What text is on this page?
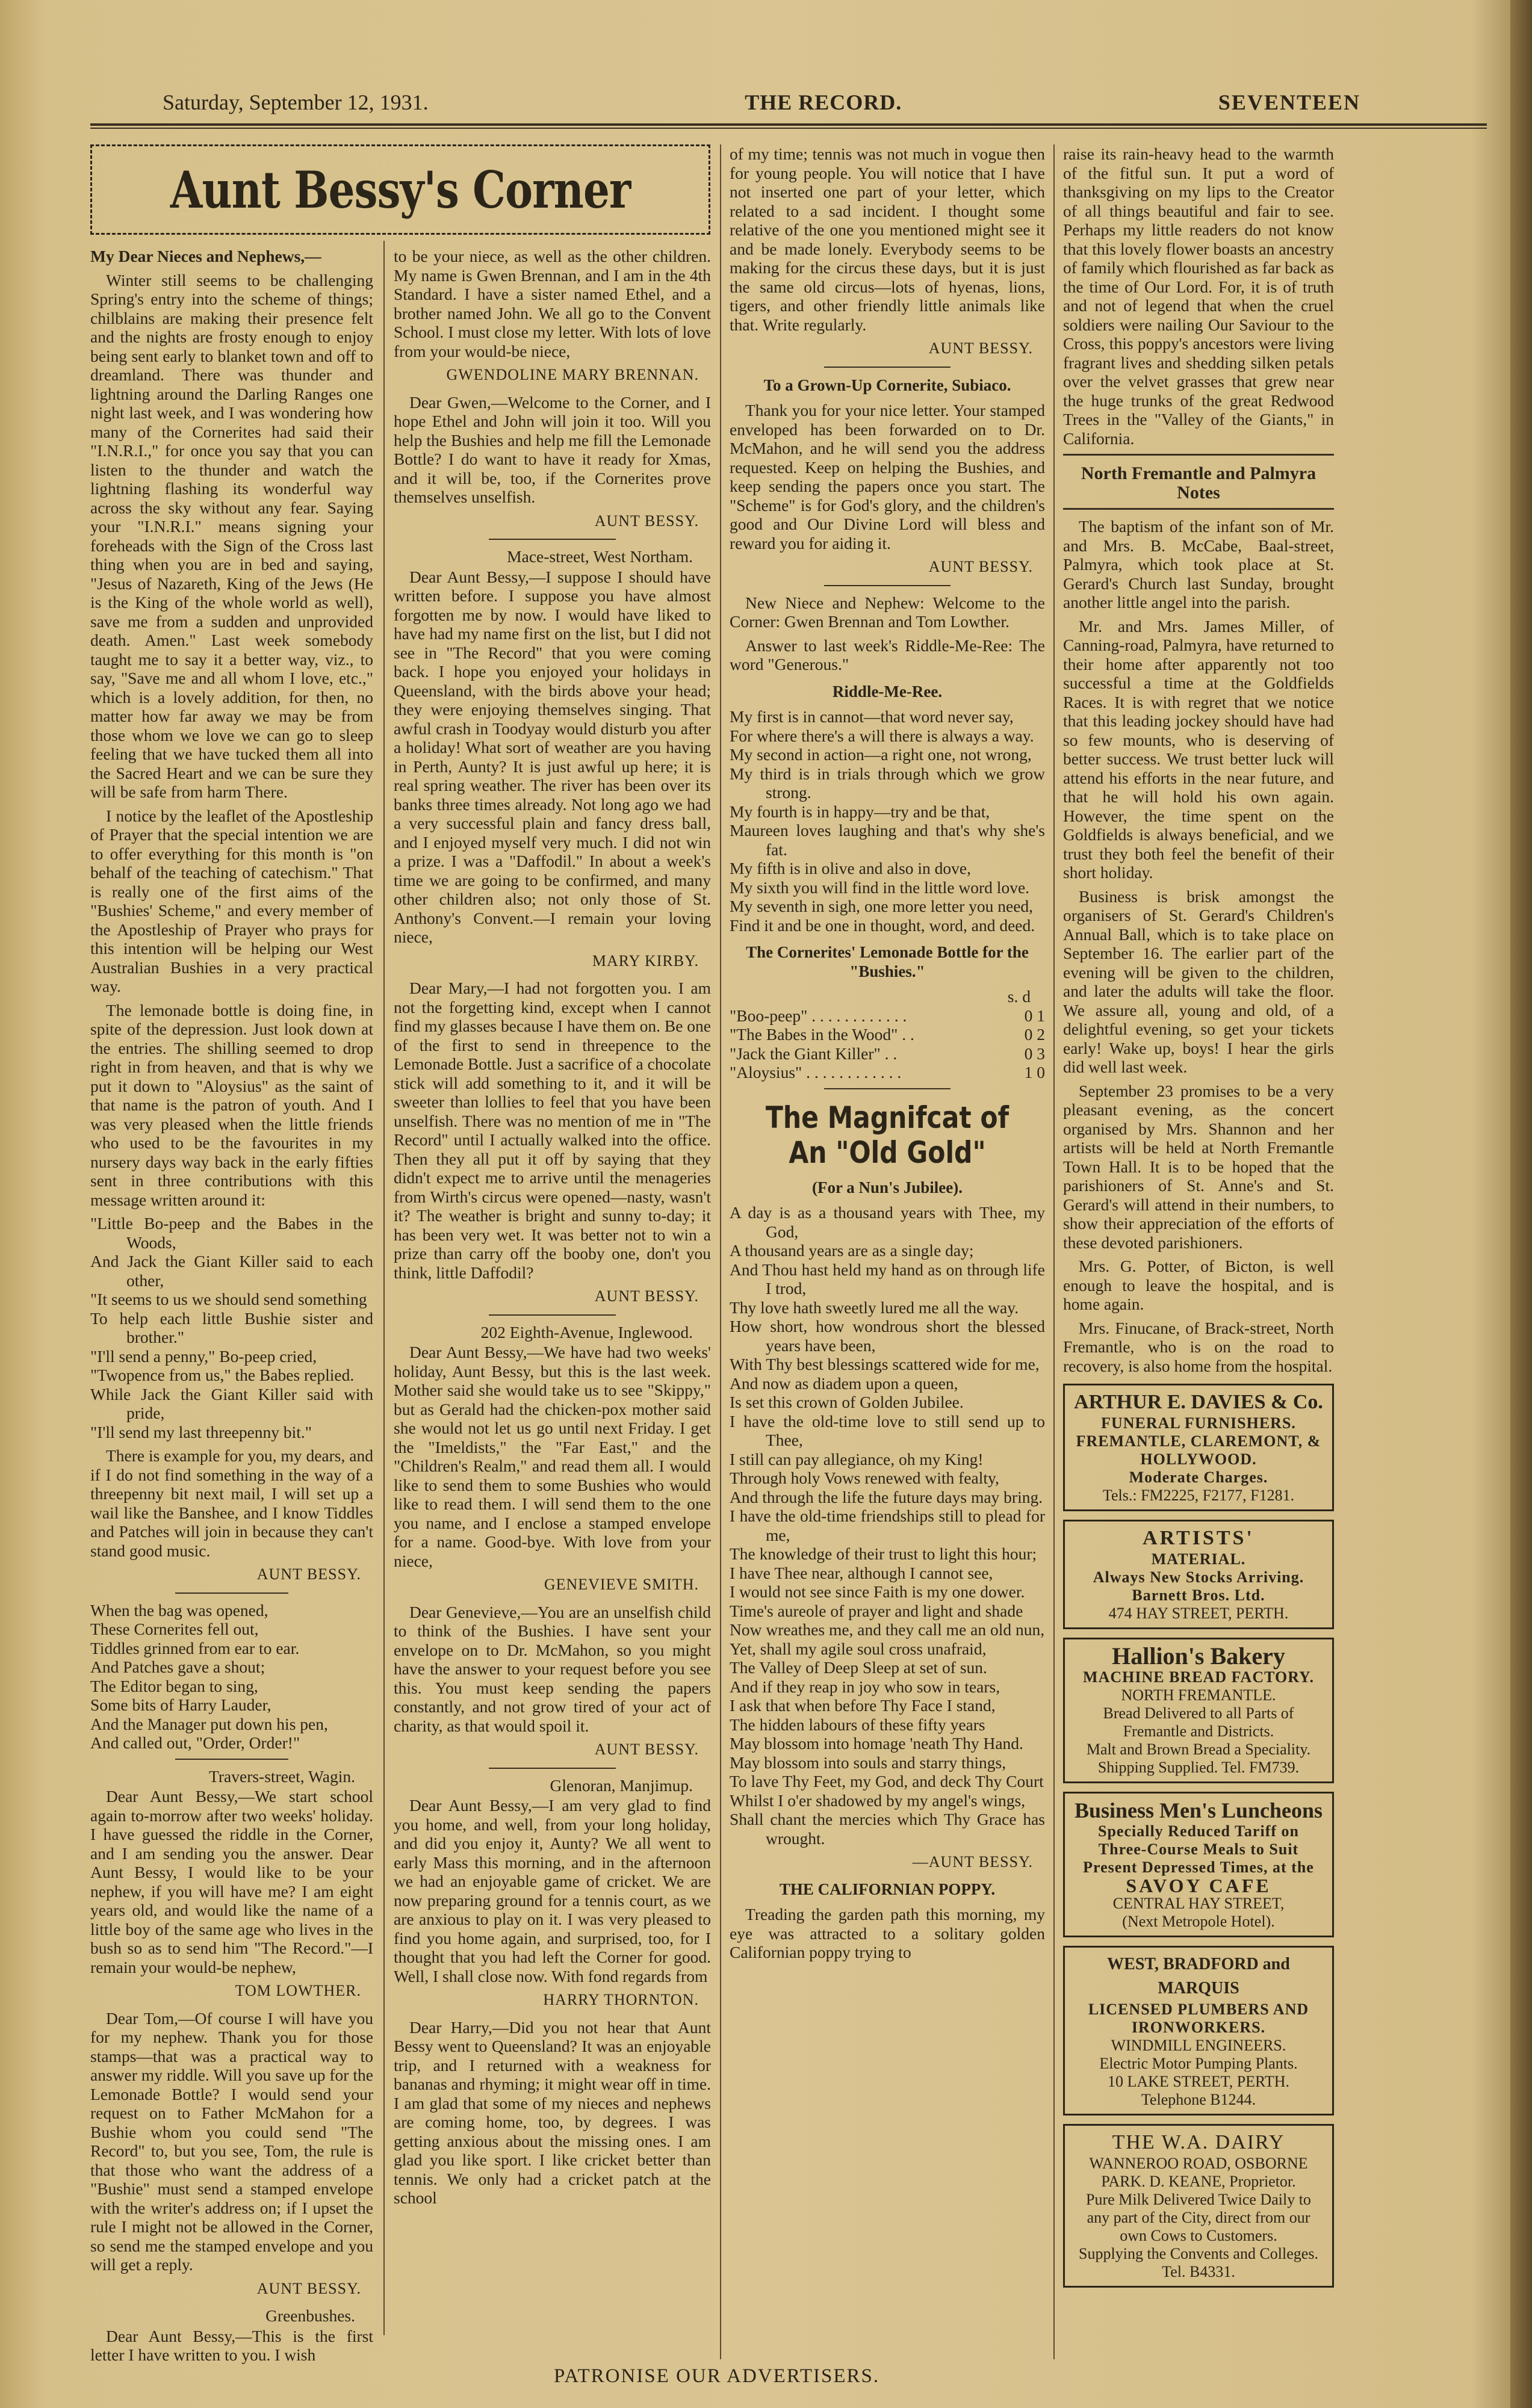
Saturday, September 12, 1931.	THE RECORD.	SEVENTEEN
Aunt Bessy's Corner

My Dear Nieces and Nephews,—

Winter still seems to be challenging Spring's entry into the scheme of things; chilblains are making their presence felt and the nights are frosty enough to enjoy being sent early to blanket town and off to dreamland. There was thunder and lightning around the Darling Ranges one night last week, and I was wondering how many of the Cornerites had said their "I.N.R.I.," for once you say that you can listen to the thunder and watch the lightning flashing its wonderful way across the sky without any fear. Saying your "I.N.R.I." means signing your foreheads with the Sign of the Cross last thing when you are in bed and saying, "Jesus of Nazareth, King of the Jews (He is the King of the whole world as well), save me from a sudden and unprovided death. Amen." Last week somebody taught me to say it a better way, viz., to say, "Save me and all whom I love, etc.," which is a lovely addition, for then, no matter how far away we may be from those whom we love we can go to sleep feeling that we have tucked them all into the Sacred Heart and we can be sure they will be safe from harm There.

I notice by the leaflet of the Apostleship of Prayer that the special intention we are to offer everything for this month is "on behalf of the teaching of catechism." That is really one of the first aims of the "Bushies' Scheme," and every member of the Apostleship of Prayer who prays for this intention will be helping our West Australian Bushies in a very practical way.

The lemonade bottle is doing fine, in spite of the depression. Just look down at the entries. The shilling seemed to drop right in from heaven, and that is why we put it down to "Aloysius" as the saint of that name is the patron of youth. And I was very pleased when the little friends who used to be the favourites in my nursery days way back in the early fifties sent in three contributions with this message written around it:

"Little Bo-peep and the Babes in the Woods,
And Jack the Giant Killer said to each other,
"It seems to us we should send something
To help each little Bushie sister and brother."
"I'll send a penny," Bo-peep cried,
"Twopence from us," the Babes replied.
While Jack the Giant Killer said with pride,
"I'll send my last threepenny bit."

There is example for you, my dears, and if I do not find something in the way of a threepenny bit next mail, I will set up a wail like the Banshee, and I know Tiddles and Patches will join in because they can't stand good music.

AUNT BESSY.
When the bag was opened,
These Cornerites fell out,
Tiddles grinned from ear to ear.
And Patches gave a shout;
The Editor began to sing,
Some bits of Harry Lauder,
And the Manager put down his pen,
And called out, "Order, Order!"
Travers-street, Wagin.

Dear Aunt Bessy,—We start school again to-morrow after two weeks' holiday. I have guessed the riddle in the Corner, and I am sending you the answer. Dear Aunt Bessy, I would like to be your nephew, if you will have me? I am eight years old, and would like the name of a little boy of the same age who lives in the bush so as to send him "The Record."—I remain your would-be nephew,

TOM LOWTHER.

Dear Tom,—Of course I will have you for my nephew. Thank you for those stamps—that was a practical way to answer my riddle. Will you save up for the Lemonade Bottle? I would send your request on to Father McMahon for a Bushie whom you could send "The Record" to, but you see, Tom, the rule is that those who want the address of a "Bushie" must send a stamped envelope with the writer's address on; if I upset the rule I might not be allowed in the Corner, so send me the stamped envelope and you will get a reply.

AUNT BESSY.
Greenbushes.

Dear Aunt Bessy,—This is the first letter I have written to you. I wish

to be your niece, as well as the other children. My name is Gwen Brennan, and I am in the 4th Standard. I have a sister named Ethel, and a brother named John. We all go to the Convent School. I must close my letter. With lots of love from your would-be niece,

GWENDOLINE MARY BRENNAN.

Dear Gwen,—Welcome to the Corner, and I hope Ethel and John will join it too. Will you help the Bushies and help me fill the Lemonade Bottle? I do want to have it ready for Xmas, and it will be, too, if the Cornerites prove themselves unselfish.

AUNT BESSY.
Mace-street, West Northam.

Dear Aunt Bessy,—I suppose I should have written before. I suppose you have almost forgotten me by now. I would have liked to have had my name first on the list, but I did not see in "The Record" that you were coming back. I hope you enjoyed your holidays in Queensland, with the birds above your head; they were enjoying themselves singing. That awful crash in Toodyay would disturb you after a holiday! What sort of weather are you having in Perth, Aunty? It is just awful up here; it is real spring weather. The river has been over its banks three times already. Not long ago we had a very successful plain and fancy dress ball, and I enjoyed myself very much. I did not win a prize. I was a "Daffodil." In about a week's time we are going to be confirmed, and many other children also; not only those of St. Anthony's Convent.—I remain your loving niece,

MARY KIRBY.

Dear Mary,—I had not forgotten you. I am not the forgetting kind, except when I cannot find my glasses because I have them on. Be one of the first to send in threepence to the Lemonade Bottle. Just a sacrifice of a chocolate stick will add something to it, and it will be sweeter than lollies to feel that you have been unselfish. There was no mention of me in "The Record" until I actually walked into the office. Then they all put it off by saying that they didn't expect me to arrive until the menageries from Wirth's circus were opened—nasty, wasn't it? The weather is bright and sunny to-day; it has been very wet. It was better not to win a prize than carry off the booby one, don't you think, little Daffodil?

AUNT BESSY.
202 Eighth-Avenue, Inglewood.

Dear Aunt Bessy,—We have had two weeks' holiday, Aunt Bessy, but this is the last week. Mother said she would take us to see "Skippy," but as Gerald had the chicken-pox mother said she would not let us go until next Friday. I get the "Imeldists," the "Far East," and the "Children's Realm," and read them all. I would like to send them to some Bushies who would like to read them. I will send them to the one you name, and I enclose a stamped envelope for a name. Good-bye. With love from your niece,

GENEVIEVE SMITH.

Dear Genevieve,—You are an unselfish child to think of the Bushies. I have sent your envelope on to Dr. McMahon, so you might have the answer to your request before you see this. You must keep sending the papers constantly, and not grow tired of your act of charity, as that would spoil it.

AUNT BESSY.
Glenoran, Manjimup.

Dear Aunt Bessy,—I am very glad to find you home, and well, from your long holiday, and did you enjoy it, Aunty? We all went to early Mass this morning, and in the afternoon we had an enjoyable game of cricket. We are now preparing ground for a tennis court, as we are anxious to play on it. I was very pleased to find you home again, and surprised, too, for I thought that you had left the Corner for good. Well, I shall close now. With fond regards from

HARRY THORNTON.

Dear Harry,—Did you not hear that Aunt Bessy went to Queensland? It was an enjoyable trip, and I returned with a weakness for bananas and rhyming; it might wear off in time. I am glad that some of my nieces and nephews are coming home, too, by degrees. I was getting anxious about the missing ones. I am glad you like sport. I like cricket better than tennis. We only had a cricket patch at the school

of my time; tennis was not much in vogue then for young people. You will notice that I have not inserted one part of your letter, which related to a sad incident. I thought some relative of the one you mentioned might see it and be made lonely. Everybody seems to be making for the circus these days, but it is just the same old circus—lots of hyenas, lions, tigers, and other friendly little animals like that. Write regularly.

AUNT BESSY.
To a Grown-Up Cornerite, Subiaco.

Thank you for your nice letter. Your stamped enveloped has been forwarded on to Dr. McMahon, and he will send you the address requested. Keep on helping the Bushies, and keep sending the papers once you start. The "Scheme" is for God's glory, and the children's good and Our Divine Lord will bless and reward you for aiding it.

AUNT BESSY.

New Niece and Nephew: Welcome to the Corner: Gwen Brennan and Tom Lowther.

Answer to last week's Riddle-Me-Ree: The word "Generous."

Riddle-Me-Ree.
My first is in cannot—that word never say,
For where there's a will there is always a way.
My second in action—a right one, not wrong,
My third is in trials through which we grow strong.
My fourth is in happy—try and be that,
Maureen loves laughing and that's why she's fat.
My fifth is in olive and also in dove,
My sixth you will find in the little word love.
My seventh in sigh, one more letter you need,
Find it and be one in thought, word, and deed.
The Cornerites' Lemonade Bottle for the "Bushies."
s. d
"Boo-peep" . . . . . . . . . . . .	0 1
"The Babes in the Wood" . .	0 2
"Jack the Giant Killer" . .	0 3
"Aloysius" . . . . . . . . . . . .	1 0
The Magnifcat of An "Old Gold"
(For a Nun's Jubilee).
A day is as a thousand years with Thee, my God,
A thousand years are as a single day;
And Thou hast held my hand as on through life I trod,
Thy love hath sweetly lured me all the way.
How short, how wondrous short the blessed years have been,
With Thy best blessings scattered wide for me,
And now as diadem upon a queen,
Is set this crown of Golden Jubilee.
I have the old-time love to still send up to Thee,
I still can pay allegiance, oh my King!
Through holy Vows renewed with fealty,
And through the life the future days may bring.
I have the old-time friendships still to plead for me,
The knowledge of their trust to light this hour;
I have Thee near, although I cannot see,
I would not see since Faith is my one dower.
Time's aureole of prayer and light and shade
Now wreathes me, and they call me an old nun,
Yet, shall my agile soul cross unafraid,
The Valley of Deep Sleep at set of sun.
And if they reap in joy who sow in tears,
I ask that when before Thy Face I stand,
The hidden labours of these fifty years
May blossom into homage 'neath Thy Hand.
May blossom into souls and starry things,
To lave Thy Feet, my God, and deck Thy Court
Whilst I o'er shadowed by my angel's wings,
Shall chant the mercies which Thy Grace has wrought.
—AUNT BESSY.
THE CALIFORNIAN POPPY.

Treading the garden path this morning, my eye was attracted to a solitary golden Californian poppy trying to

raise its rain-heavy head to the warmth of the fitful sun. It put a word of thanksgiving on my lips to the Creator of all things beautiful and fair to see. Perhaps my little readers do not know that this lovely flower boasts an ancestry of family which flourished as far back as the time of Our Lord. For, it is of truth and not of legend that when the cruel soldiers were nailing Our Saviour to the Cross, this poppy's ancestors were living fragrant lives and shedding silken petals over the velvet grasses that grew near the huge trunks of the great Redwood Trees in the "Valley of the Giants," in California.

North Fremantle and Palmyra Notes

The baptism of the infant son of Mr. and Mrs. B. McCabe, Baal-street, Palmyra, which took place at St. Gerard's Church last Sunday, brought another little angel into the parish.

Mr. and Mrs. James Miller, of Canning-road, Palmyra, have returned to their home after apparently not too successful a time at the Goldfields Races. It is with regret that we notice that this leading jockey should have had so few mounts, who is deserving of better success. We trust better luck will attend his efforts in the near future, and that he will hold his own again. However, the time spent on the Goldfields is always beneficial, and we trust they both feel the benefit of their short holiday.

Business is brisk amongst the organisers of St. Gerard's Children's Annual Ball, which is to take place on September 16. The earlier part of the evening will be given to the children, and later the adults will take the floor. We assure all, young and old, of a delightful evening, so get your tickets early! Wake up, boys! I hear the girls did well last week.

September 23 promises to be a very pleasant evening, as the concert organised by Mrs. Shannon and her artists will be held at North Fremantle Town Hall. It is to be hoped that the parishioners of St. Anne's and St. Gerard's will attend in their numbers, to show their appreciation of the efforts of these devoted parishioners.

Mrs. G. Potter, of Bicton, is well enough to leave the hospital, and is home again.

Mrs. Finucane, of Brack-street, North Fremantle, who is on the road to recovery, is also home from the hospital.

ARTHUR E. DAVIES & Co.
FUNERAL FURNISHERS.
FREMANTLE, CLAREMONT, & HOLLYWOOD.
Moderate Charges.
Tels.: FM2225, F2177, F1281.
ARTISTS'
MATERIAL.
Always New Stocks Arriving.
Barnett Bros. Ltd.
474 HAY STREET, PERTH.
Hallion's Bakery
MACHINE BREAD FACTORY.
NORTH FREMANTLE.
Bread Delivered to all Parts of Fremantle and Districts.
Malt and Brown Bread a Speciality.
Shipping Supplied. Tel. FM739.
Business Men's Luncheons
Specially Reduced Tariff on Three-Course Meals to Suit Present Depressed Times, at the
SAVOY CAFE
CENTRAL HAY STREET,
(Next Metropole Hotel).
WEST, BRADFORD and MARQUIS
LICENSED PLUMBERS AND IRONWORKERS.
WINDMILL ENGINEERS.
Electric Motor Pumping Plants.
10 LAKE STREET, PERTH.
Telephone B1244.
THE W.A. DAIRY
WANNEROO ROAD, OSBORNE PARK. D. KEANE, Proprietor.
Pure Milk Delivered Twice Daily to any part of the City, direct from our own Cows to Customers.
Supplying the Convents and Colleges. Tel. B4331.
PATRONISE OUR ADVERTISERS.
